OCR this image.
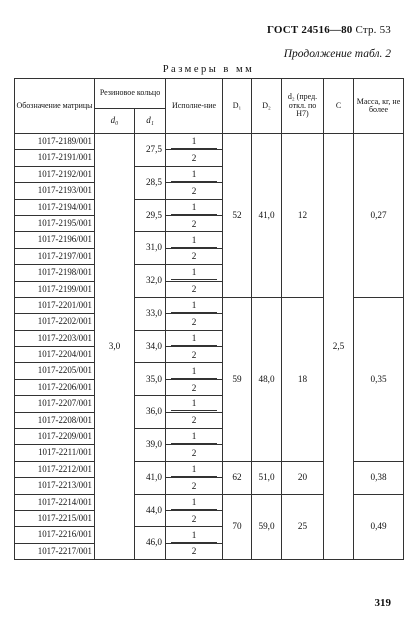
ГОСТ 24516—80 Стр. 53
Продолжение табл. 2
Размеры в мм
Обозначение матрицы	Резиновое кольцо		Исполне-ние	D₁	D₂	d₂ (пред. откл. по Н7)	C	Масса, кг, не более
	d₀	d₁						
1017-2189/001	3,0	27,5	1	52	41,0	12	2,5	0,27
1017-2191/001			2					

1017-2192/001		28,5	1					

1017-2193/001			2					

1017-2194/001		29,5	1					

1017-2195/001			2					

1017-2196/001		31,0	1					

1017-2197/001			2					

1017-2198/001		32,0	1					

1017-2199/001			2					

1017-2201/001		33,0	1	59	48,0	18		0,35
1017-2202/001			2					

1017-2203/001		34,0	1					

1017-2204/001			2					

1017-2205/001		35,0	1					

1017-2206/001			2					

1017-2207/001		36,0	1					

1017-2208/001			2					

1017-2209/001		39,0	1					

1017-2211/001			2					

1017-2212/001		41,0	1	62	51,0	20		0,38
1017-2213/001			2					

1017-2214/001		44,0	1	70	59,0	25		0,49
1017-2215/001			2					

1017-2216/001		46,0	1					

1017-2217/001			2					
319
